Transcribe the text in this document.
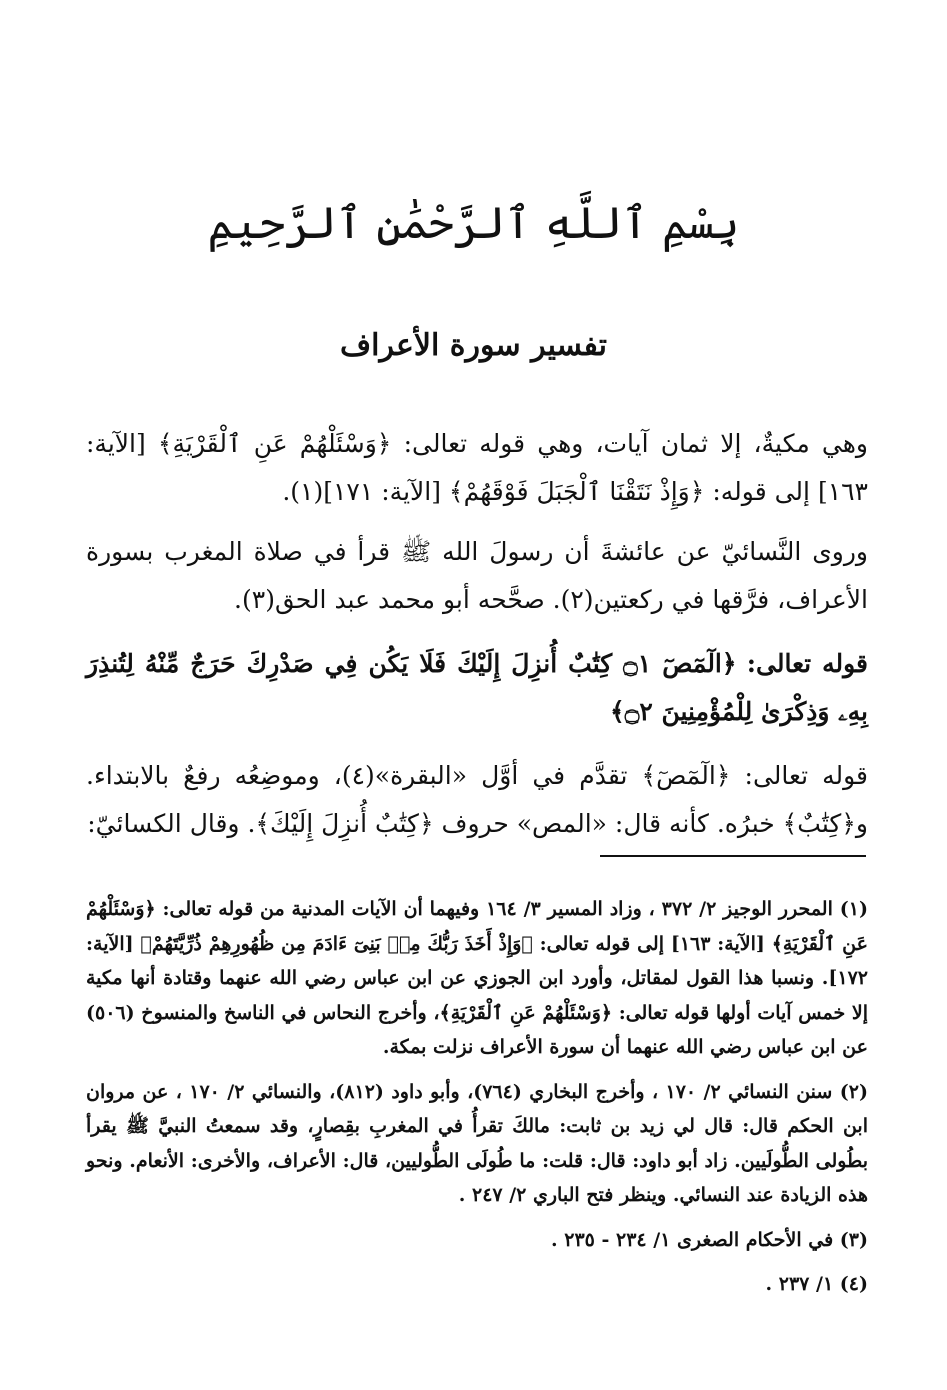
بِسْمِ ٱللَّهِ ٱلرَّحْمَٰنِ ٱلرَّحِيمِ
تفسير سورة الأعراف
وهي مكيةٌ، إلا ثمان آيات، وهي قوله تعالى: ﴿وَسْئَلْهُمْ عَنِ ٱلْقَرْيَةِ﴾ [الآية: ١٦٣] إلى قوله: ﴿وَإِذْ نَتَقْنَا ٱلْجَبَلَ فَوْقَهُمْ﴾ [الآية: ١٧١](١).
وروى النَّسائيّ عن عائشةَ أن رسولَ الله ﷺ قرأ في صلاة المغرب بسورة الأعراف، فرَّقها في ركعتين(٢). صحَّحه أبو محمد عبد الحق(٣).
قوله تعالى: ﴿الٓمٓصٓ ۝١ كِتَٰبٌ أُنزِلَ إِلَيْكَ فَلَا يَكُن فِي صَدْرِكَ حَرَجٌ مِّنْهُ لِتُنذِرَ بِهِۦ وَذِكْرَىٰ لِلْمُؤْمِنِينَ ۝٢﴾
قوله تعالى: ﴿الٓمٓصٓ﴾ تقدَّم في أوَّل «البقرة»(٤)، وموضِعُه رفعٌ بالابتداء. و﴿كِتَٰبٌ﴾ خبرُه. كأنه قال: «المص» حروف ﴿كِتَٰبٌ أُنزِلَ إِلَيْكَ﴾. وقال الكسائيّ:

(١) المحرر الوجيز ٢/ ٣٧٢ ، وزاد المسير ٣/ ١٦٤ وفيهما أن الآيات المدنية من قوله تعالى: ﴿وَسْئَلْهُمْ عَنِ ٱلْقَرْيَةِ﴾ [الآية: ١٦٣] إلى قوله تعالى: ﴿وَإِذْ أَخَذَ رَبُّكَ مِنۢ بَنِىٓ ءَادَمَ مِن ظُهُورِهِمْ ذُرِّيَّتَهُمْ﴾ [الآية: ١٧٢]. ونسبا هذا القول لمقاتل، وأورد ابن الجوزي عن ابن عباس رضي الله عنهما وقتادة أنها مكية إلا خمس آيات أولها قوله تعالى: ﴿وَسْئَلْهُمْ عَنِ ٱلْقَرْيَةِ﴾، وأخرج النحاس في الناسخ والمنسوخ (٥٠٦) عن ابن عباس رضي الله عنهما أن سورة الأعراف نزلت بمكة.

(٢) سنن النسائي ٢/ ١٧٠ ، وأخرج البخاري (٧٦٤)، وأبو داود (٨١٢)، والنسائي ٢/ ١٧٠ ، عن مروان ابن الحكم قال: قال لي زيد بن ثابت: مالكَ تقرأُ في المغربِ بقِصارٍ، وقد سمعتُ النبيَّ ﷺ يقرأ بطُولى الطُّولَيين. زاد أبو داود: قال: قلت: ما طُولَى الطُّوليين، قال: الأعراف، والأخرى: الأنعام. ونحو هذه الزيادة عند النسائي. وينظر فتح الباري ٢/ ٢٤٧ .

(٣) في الأحكام الصغرى ١/ ٢٣٤ - ٢٣٥ .

(٤) ١/ ٢٣٧ .
